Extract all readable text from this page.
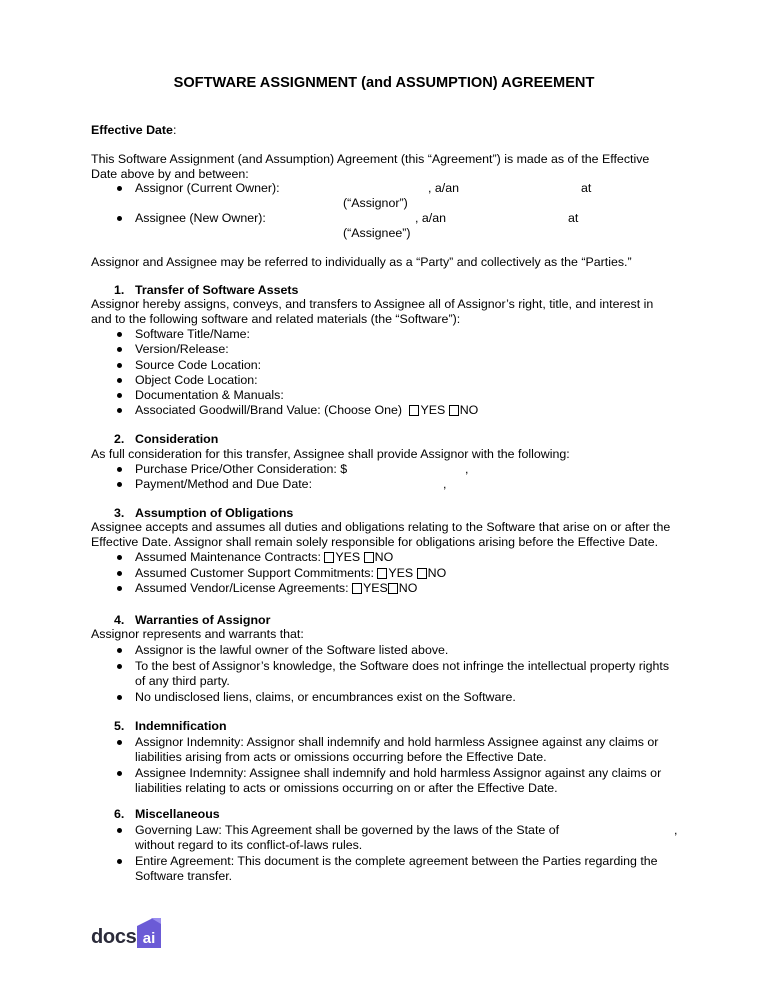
SOFTWARE ASSIGNMENT (and ASSUMPTION) AGREEMENT
Effective Date:
This Software Assignment (and Assumption) Agreement (this “Agreement”) is made as of the Effective
Date above by and between:
Assignor (Current Owner):	, a/an	at
(“Assignor”)
Assignee (New Owner):	, a/an	at
(“Assignee”)
Assignor and Assignee may be referred to individually as a “Party” and collectively as the “Parties.”
1. Transfer of Software Assets
Assignor hereby assigns, conveys, and transfers to Assignee all of Assignor’s right, title, and interest in
and to the following software and related materials (the “Software”):
Software Title/Name:
Version/Release:
Source Code Location:
Object Code Location:
Documentation & Manuals:
Associated Goodwill/Brand Value: (Choose One) YES NO
2. Consideration
As full consideration for this transfer, Assignee shall provide Assignor with the following:
Purchase Price/Other Consideration: $	,
Payment/Method and Due Date:	,
3. Assumption of Obligations
Assignee accepts and assumes all duties and obligations relating to the Software that arise on or after the
Effective Date. Assignor shall remain solely responsible for obligations arising before the Effective Date.
Assumed Maintenance Contracts: YES NO
Assumed Customer Support Commitments: YES NO
Assumed Vendor/License Agreements: YES NO
4. Warranties of Assignor
Assignor represents and warrants that:
Assignor is the lawful owner of the Software listed above.
To the best of Assignor’s knowledge, the Software does not infringe the intellectual property rights
of any third party.
No undisclosed liens, claims, or encumbrances exist on the Software.
5. Indemnification
Assignor Indemnity: Assignor shall indemnify and hold harmless Assignee against any claims or
liabilities arising from acts or omissions occurring before the Effective Date.
Assignee Indemnity: Assignee shall indemnify and hold harmless Assignor against any claims or
liabilities relating to acts or omissions occurring on or after the Effective Date.
6. Miscellaneous
Governing Law: This Agreement shall be governed by the laws of the State of	,
without regard to its conflict-of-laws rules.
Entire Agreement: This document is the complete agreement between the Parties regarding the
Software transfer.
docs ai
